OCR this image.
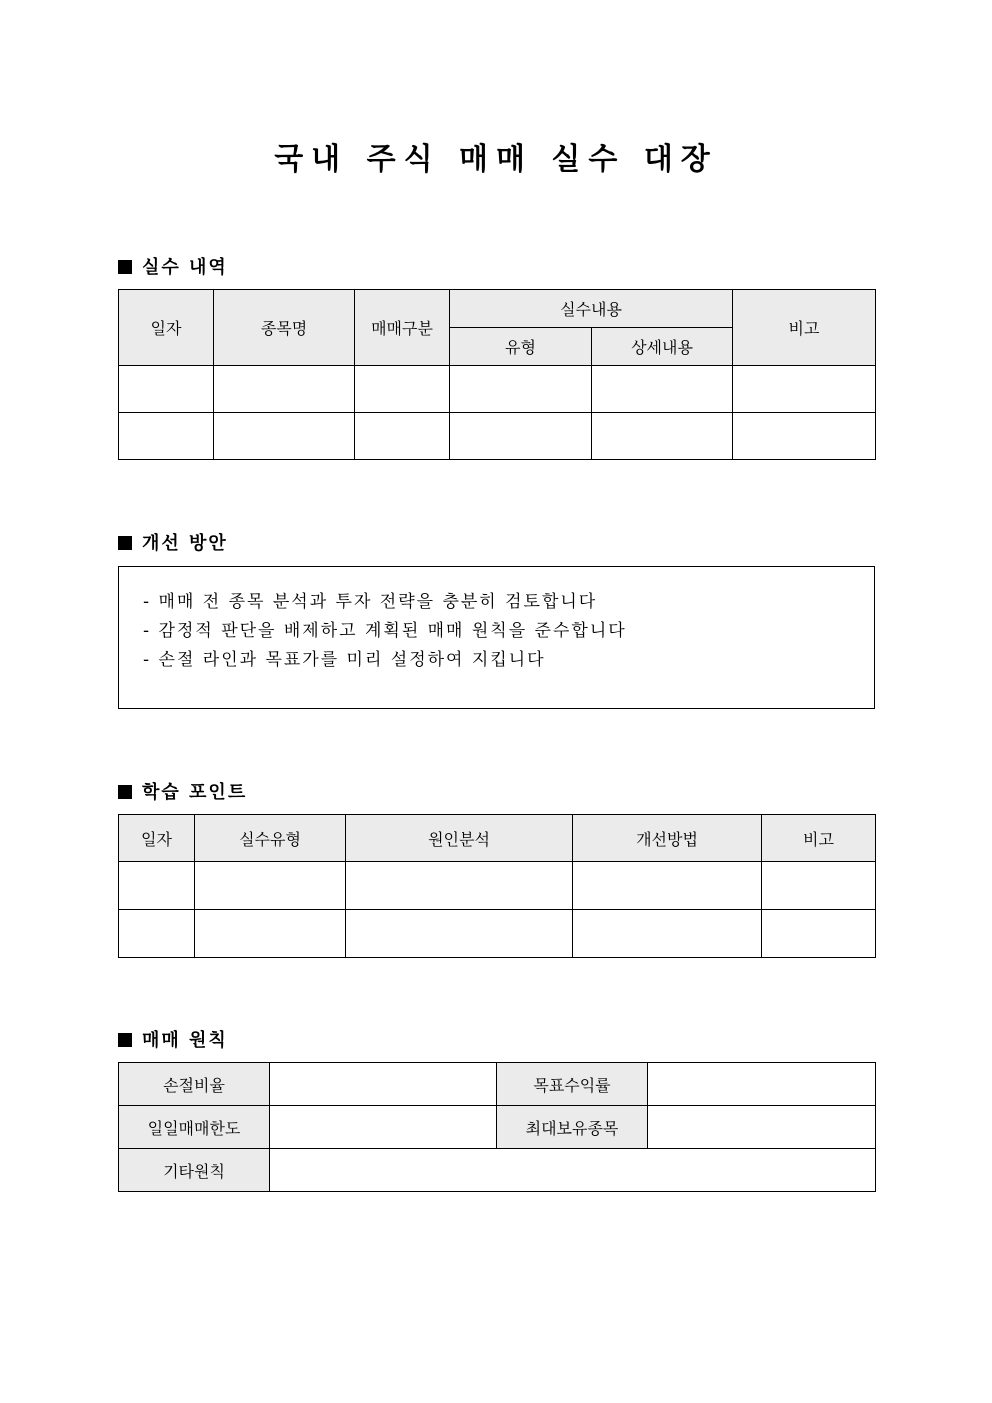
국내 주식 매매 실수 대장
실수 내역
일자	종목명	매매구분	실수내용		비고
			유형	상세내용	

개선 방안
- 매매 전 종목 분석과 투자 전략을 충분히 검토합니다
- 감정적 판단을 배제하고 계획된 매매 원칙을 준수합니다
- 손절 라인과 목표가를 미리 설정하여 지킵니다
학습 포인트
일자	실수유형	원인분석	개선방법	비고

매매 원칙
손절비율		목표수익률	
일일매매한도		최대보유종목	
기타원칙			
